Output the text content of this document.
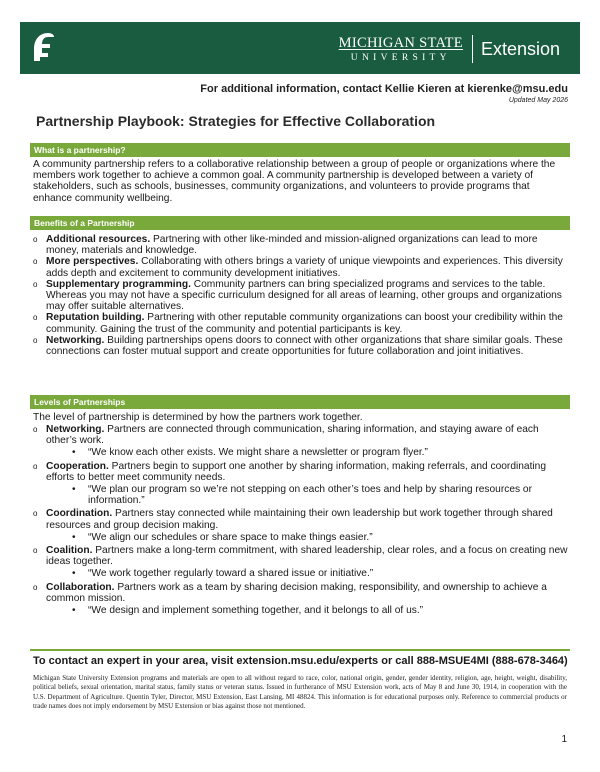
MICHIGAN STATE
UNIVERSITY	Extension
For additional information, contact Kellie Kieren at kierenke@msu.edu
Updated May 2026
Partnership Playbook: Strategies for Effective Collaboration
What is a partnership?
A community partnership refers to a collaborative relationship between a group of people or organizations where the members work together to achieve a common goal. A community partnership is developed between a variety of stakeholders, such as schools, businesses, community organizations, and volunteers to provide programs that enhance community wellbeing.
Benefits of a Partnership
o Additional resources. Partnering with other like-minded and mission-aligned organizations can lead to more money, materials and knowledge.
o More perspectives. Collaborating with others brings a variety of unique viewpoints and experiences. This diversity adds depth and excitement to community development initiatives.
o Supplementary programming. Community partners can bring specialized programs and services to the table. Whereas you may not have a specific curriculum designed for all areas of learning, other groups and organizations may offer suitable alternatives.
o Reputation building. Partnering with other reputable community organizations can boost your credibility within the community. Gaining the trust of the community and potential participants is key.
o Networking. Building partnerships opens doors to connect with other organizations that share similar goals. These connections can foster mutual support and create opportunities for future collaboration and joint initiatives.
Levels of Partnerships
The level of partnership is determined by how the partners work together.
o Networking. Partners are connected through communication, sharing information, and staying aware of each other’s work.
• “We know each other exists. We might share a newsletter or program flyer.”
o Cooperation. Partners begin to support one another by sharing information, making referrals, and coordinating efforts to better meet community needs.
• “We plan our program so we’re not stepping on each other’s toes and help by sharing resources or information.”
o Coordination. Partners stay connected while maintaining their own leadership but work together through shared resources and group decision making.
• “We align our schedules or share space to make things easier.”
o Coalition. Partners make a long-term commitment, with shared leadership, clear roles, and a focus on creating new ideas together.
• “We work together regularly toward a shared issue or initiative.”
o Collaboration. Partners work as a team by sharing decision making, responsibility, and ownership to achieve a common mission.
• “We design and implement something together, and it belongs to all of us.”
To contact an expert in your area, visit extension.msu.edu/experts or call 888-MSUE4MI (888-678-3464)
Michigan State University Extension programs and materials are open to all without regard to race, color, national origin, gender, gender identity, religion, age, height, weight, disability, political beliefs, sexual orientation, marital status, family status or veteran status. Issued in furtherance of MSU Extension work, acts of May 8 and June 30, 1914, in cooperation with the U.S. Department of Agriculture. Quentin Tyler, Director, MSU Extension, East Lansing, MI 48824. This information is for educational purposes only. Reference to commercial products or trade names does not imply endorsement by MSU Extension or bias against those not mentioned.
1
